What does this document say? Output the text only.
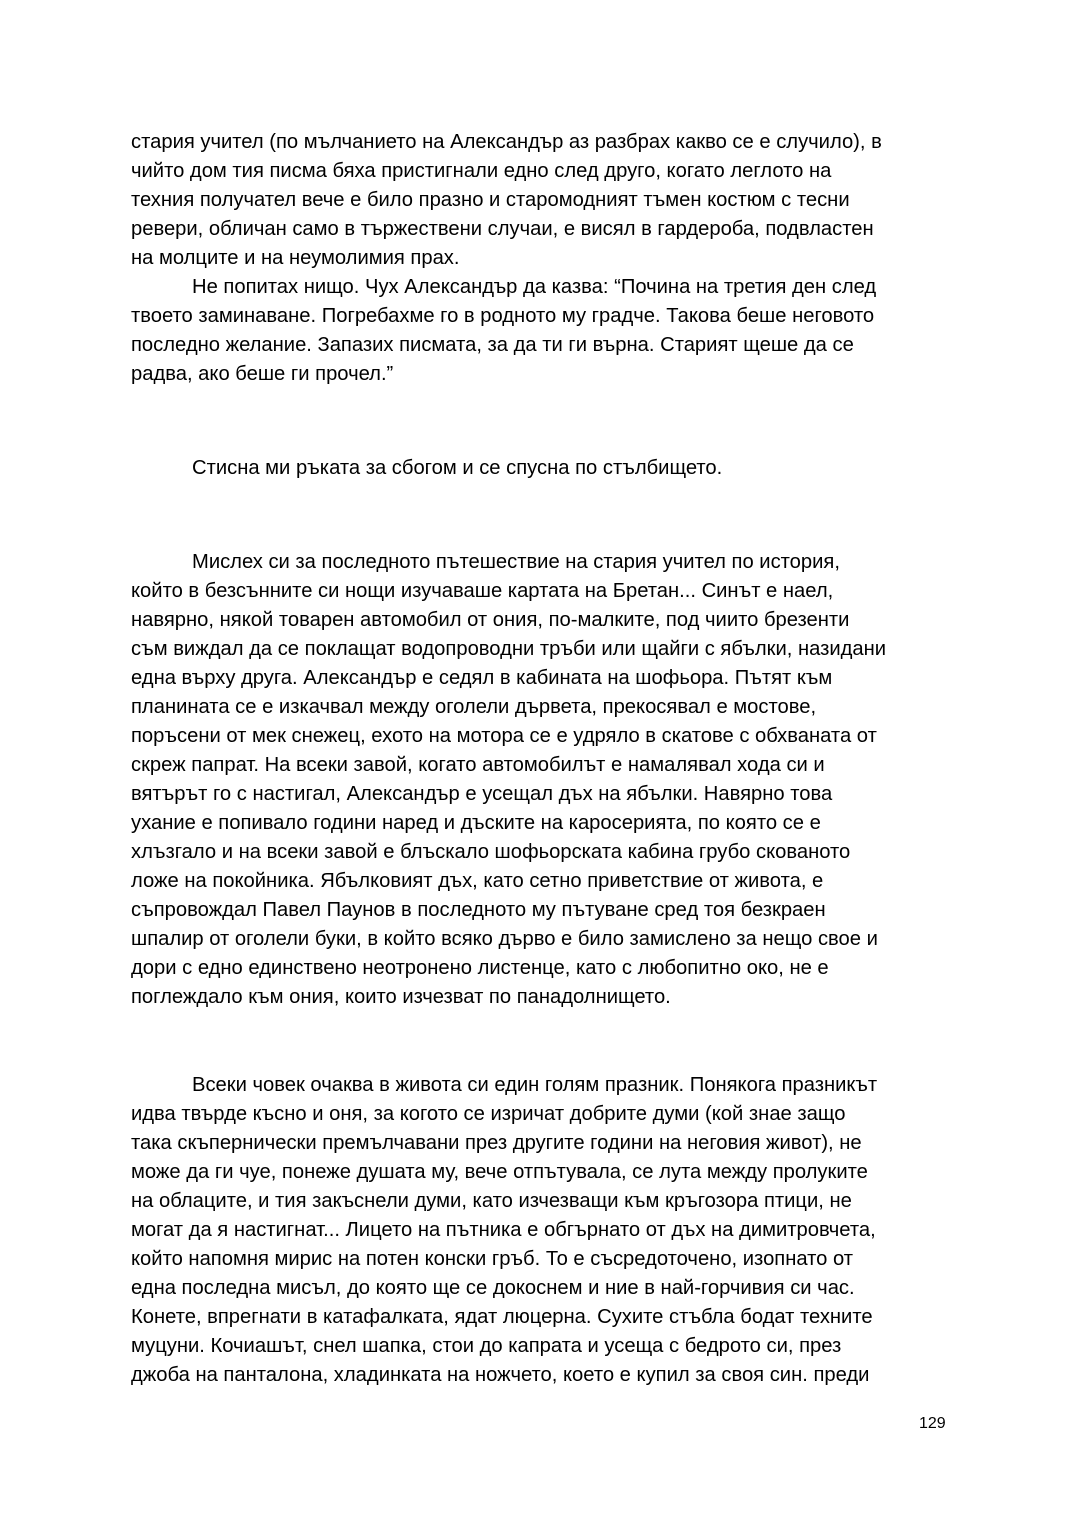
стария учител (по мълчанието на Александър аз разбрах какво се е случило), в
чийто дом тия писма бяха пристигнали едно след друго, когато леглото на
техния получател вече е било празно и старомодният тъмен костюм с тесни
ревери, обличан само в тържествени случаи, е висял в гардероба, подвластен
на молците и на неумолимия прах.
Не попитах нищо. Чух Александър да казва: “Почина на третия ден след
твоето заминаване. Погребахме го в родното му градче. Такова беше неговото
последно желание. Запазих писмата, за да ти ги върна. Старият щеше да се
радва, ако беше ги прочел.”
Стисна ми ръката за сбогом и се спусна по стълбището.
Мислех си за последното пътешествие на стария учител по история,
който в безсънните си нощи изучаваше картата на Бретан... Синът е наел,
навярно, някой товарен автомобил от ония, по-малките, под чиито брезенти
съм виждал да се поклащат водопроводни тръби или щайги с ябълки, назидани
една върху друга. Александър е седял в кабината на шофьора. Пътят към
планината се е изкачвал между оголели дървета, прекосявал е мостове,
поръсени от мек снежец, ехото на мотора се е удряло в скатове с обхваната от
скреж папрат. На всеки завой, когато автомобилът е намалявал хода си и
вятърът го с настигал, Александър е усещал дъх на ябълки. Навярно това
ухание е попивало години наред и дъските на каросерията, по която се е
хлъзгало и на всеки завой е блъскало шофьорската кабина грубо скованото
ложе на покойника. Ябълковият дъх, като сетно приветствие от живота, е
съпровождал Павел Паунов в последното му пътуване сред тоя безкраен
шпалир от оголели буки, в който всяко дърво е било замислено за нещо свое и
дори с едно единствено неотронено листенце, като с любопитно око, не е
поглеждало към ония, които изчезват по панадолнището.
Всеки човек очаква в живота си един голям празник. Понякога празникът
идва твърде късно и оня, за когото се изричат добрите думи (кой знае защо
така скъпернически премълчавани през другите години на неговия живот), не
може да ги чуе, понеже душата му, вече отпътувала, се лута между пролуките
на облаците, и тия закъснели думи, като изчезващи към кръгозора птици, не
могат да я настигнат... Лицето на пътника е обгърнато от дъх на димитровчета,
който напомня мирис на потен конски гръб. То е съсредоточено, изопнато от
една последна мисъл, до която ще се докоснем и ние в най-горчивия си час.
Конете, впрегнати в катафалката, ядат люцерна. Сухите стъбла бодат техните
муцуни. Кочиашът, снел шапка, стои до капрата и усеща с бедрото си, през
джоба на панталона, хладинката на ножчето, което е купил за своя син. преди
129
